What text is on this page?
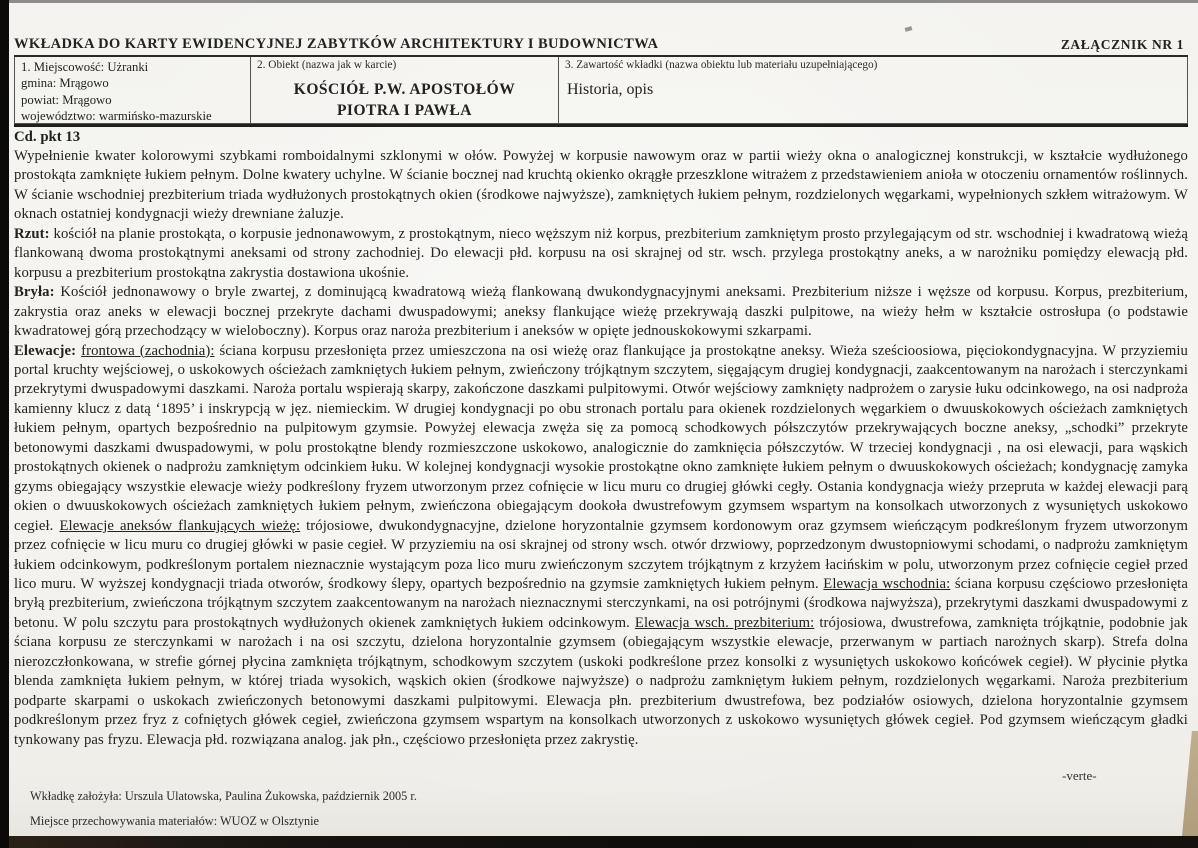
WKŁADKA DO KARTY EWIDENCYJNEJ ZABYTKÓW ARCHITEKTURY I BUDOWNICTWA	ZAŁĄCZNIK NR 1
1. Miejscowość: Użranki
gmina: Mrągowo
powiat: Mrągowo
województwo: warmińsko-mazurskie
2. Obiekt (nazwa jak w karcie)
KOŚCIÓŁ P.W. APOSTOŁÓW
PIOTRA I PAWŁA
3. Zawartość wkładki (nazwa obiektu lub materiału uzupełniającego)
Historia, opis

Cd. pkt 13

Wypełnienie kwater kolorowymi szybkami romboidalnymi szklonymi w ołów. Powyżej w korpusie nawowym oraz w partii wieży okna o analogicznej konstrukcji, w kształcie wydłużonego prostokąta zamknięte łukiem pełnym. Dolne kwatery uchylne. W ścianie bocznej nad kruchtą okienko okrągłe przeszklone witrażem z przedstawieniem anioła w otoczeniu ornamentów roślinnych. W ścianie wschodniej prezbiterium triada wydłużonych prostokątnych okien (środkowe najwyższe), zamkniętych łukiem pełnym, rozdzielonych węgarkami, wypełnionych szkłem witrażowym. W oknach ostatniej kondygnacji wieży drewniane żaluzje.

Rzut: kościół na planie prostokąta, o korpusie jednonawowym, z prostokątnym, nieco węższym niż korpus, prezbiterium zamkniętym prosto przylegającym od str. wschodniej i kwadratową wieżą flankowaną dwoma prostokątnymi aneksami od strony zachodniej. Do elewacji płd. korpusu na osi skrajnej od str. wsch. przylega prostokątny aneks, a w narożniku pomiędzy elewacją płd. korpusu a prezbiterium prostokątna zakrystia dostawiona ukośnie.

Bryła: Kościół jednonawowy o bryle zwartej, z dominującą kwadratową wieżą flankowaną dwukondygnacyjnymi aneksami. Prezbiterium niższe i węższe od korpusu. Korpus, prezbiterium, zakrystia oraz aneks w elewacji bocznej przekryte dachami dwuspadowymi; aneksy flankujące wieżę przekrywają daszki pulpitowe, na wieży hełm w kształcie ostrosłupa (o podstawie kwadratowej górą przechodzący w wieloboczny). Korpus oraz naroża prezbiterium i aneksów w opięte jednouskokowymi szkarpami.

Elewacje: frontowa (zachodnia): ściana korpusu przesłonięta przez umieszczona na osi wieżę oraz flankujące ja prostokątne aneksy. Wieża sześcioosiowa, pięciokondygnacyjna. W przyziemiu portal kruchty wejściowej, o uskokowych ościeżach zamkniętych łukiem pełnym, zwieńczony trójkątnym szczytem, sięgającym drugiej kondygnacji, zaakcentowanym na narożach i sterczynkami przekrytymi dwuspadowymi daszkami. Naroża portalu wspierają skarpy, zakończone daszkami pulpitowymi. Otwór wejściowy zamknięty nadprożem o zarysie łuku odcinkowego, na osi nadproża kamienny klucz z datą ‘1895’ i inskrypcją w jęz. niemieckim. W drugiej kondygnacji po obu stronach portalu para okienek rozdzielonych węgarkiem o dwuuskokowych ościeżach zamkniętych łukiem pełnym, opartych bezpośrednio na pulpitowym gzymsie. Powyżej elewacja zwęża się za pomocą schodkowych półszczytów przekrywających boczne aneksy, „schodki” przekryte betonowymi daszkami dwuspadowymi, w polu prostokątne blendy rozmieszczone uskokowo, analogicznie do zamknięcia półszczytów. W trzeciej kondygnacji , na osi elewacji, para wąskich prostokątnych okienek o nadprożu zamkniętym odcinkiem łuku. W kolejnej kondygnacji wysokie prostokątne okno zamknięte łukiem pełnym o dwuuskokowych ościeżach; kondygnację zamyka gzyms obiegający wszystkie elewacje wieży podkreślony fryzem utworzonym przez cofnięcie w licu muru co drugiej główki cegły. Ostania kondygnacja wieży przepruta w każdej elewacji parą okien o dwuuskokowych ościeżach zamkniętych łukiem pełnym, zwieńczona obiegającym dookoła dwustrefowym gzymsem wspartym na konsolkach utworzonych z wysuniętych uskokowo cegieł. Elewacje aneksów flankujących wieżę: trójosiowe, dwukondygnacyjne, dzielone horyzontalnie gzymsem kordonowym oraz gzymsem wieńczącym podkreślonym fryzem utworzonym przez cofnięcie w licu muru co drugiej główki w pasie cegieł. W przyziemiu na osi skrajnej od strony wsch. otwór drzwiowy, poprzedzonym dwustopniowymi schodami, o nadprożu zamkniętym łukiem odcinkowym, podkreślonym portalem nieznacznie wystającym poza lico muru zwieńczonym szczytem trójkątnym z krzyżem łacińskim w polu, utworzonym przez cofnięcie cegieł przed lico muru. W wyższej kondygnacji triada otworów, środkowy ślepy, opartych bezpośrednio na gzymsie zamkniętych łukiem pełnym. Elewacja wschodnia: ściana korpusu częściowo przesłonięta bryłą prezbiterium, zwieńczona trójkątnym szczytem zaakcentowanym na narożach nieznacznymi sterczynkami, na osi potrójnymi (środkowa najwyższa), przekrytymi daszkami dwuspadowymi z betonu. W polu szczytu para prostokątnych wydłużonych okienek zamkniętych łukiem odcinkowym. Elewacja wsch. prezbiterium: trójosiowa, dwustrefowa, zamknięta trójkątnie, podobnie jak ściana korpusu ze sterczynkami w narożach i na osi szczytu, dzielona horyzontalnie gzymsem (obiegającym wszystkie elewacje, przerwanym w partiach narożnych skarp). Strefa dolna nierozczłonkowana, w strefie górnej płycina zamknięta trójkątnym, schodkowym szczytem (uskoki podkreślone przez konsolki z wysuniętych uskokowo końcówek cegieł). W płycinie płytka blenda zamknięta łukiem pełnym, w której triada wysokich, wąskich okien (środkowe najwyższe) o nadprożu zamkniętym łukiem pełnym, rozdzielonych węgarkami. Naroża prezbiterium podparte skarpami o uskokach zwieńczonych betonowymi daszkami pulpitowymi. Elewacja płn. prezbiterium dwustrefowa, bez podziałów osiowych, dzielona horyzontalnie gzymsem podkreślonym przez fryz z cofniętych główek cegieł, zwieńczona gzymsem wspartym na konsolkach utworzonych z uskokowo wysuniętych główek cegieł. Pod gzymsem wieńczącym gładki tynkowany pas fryzu. Elewacja płd. rozwiązana analog. jak płn., częściowo przesłonięta przez zakrystię.

-verte-
Wkładkę założyła: Urszula Ulatowska, Paulina Żukowska, październik 2005 r.
Miejsce przechowywania materiałów: WUOZ w Olsztynie
